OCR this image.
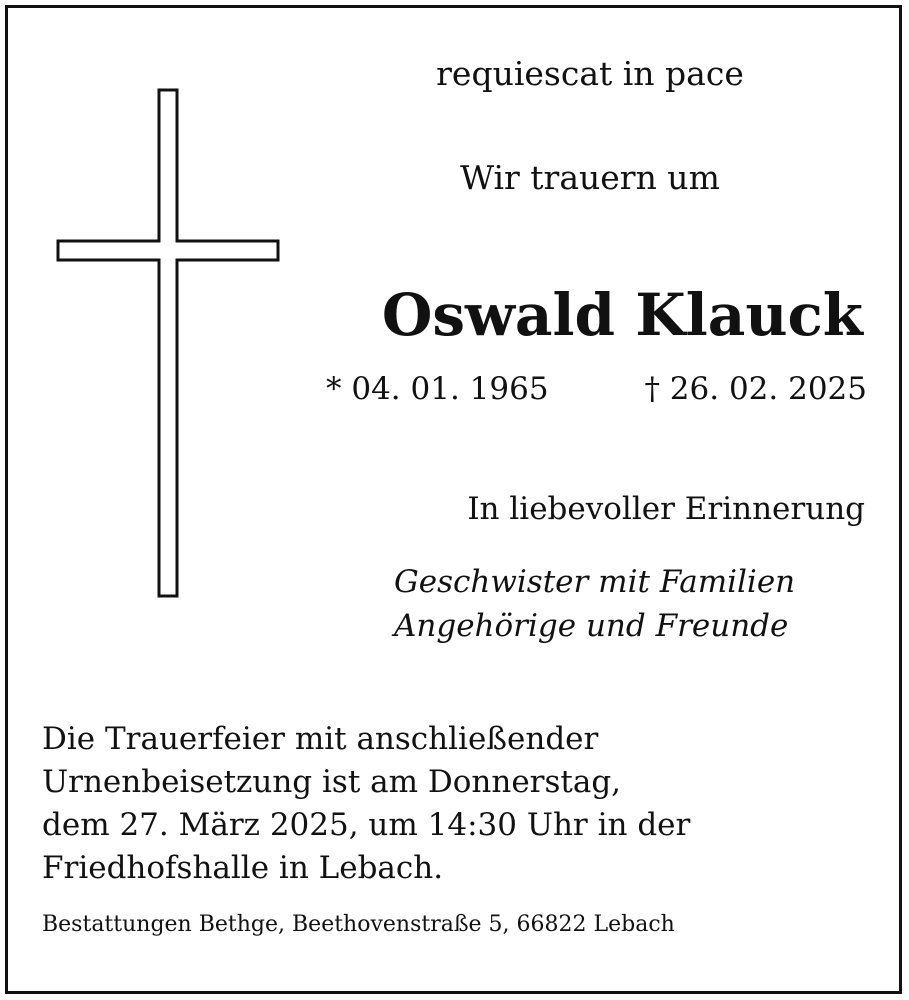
requiescat in pace
Wir trauern um
Oswald Klauck
* 04. 01. 1965	† 26. 02. 2025
In liebevoller Erinnerung
Geschwister mit Familien
Angehörige und Freunde
Die Trauerfeier mit anschließender
Urnenbeisetzung ist am Donnerstag,
dem 27. März 2025, um 14:30 Uhr in der
Friedhofshalle in Lebach.
Bestattungen Bethge, Beethovenstraße 5, 66822 Lebach
